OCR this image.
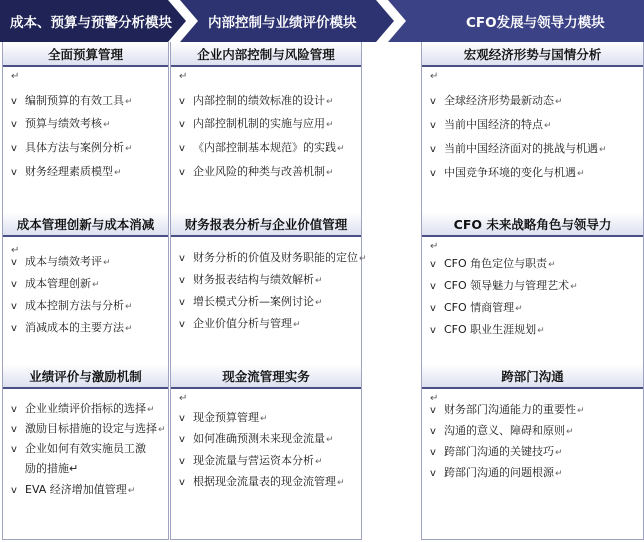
成本、预算与预警分析模块	内部控制与业绩评价模块	CFO发展与领导力模块
全面预算管理
↵
v 编制预算的有效工具↵
v 预算与绩效考核↵
v 具体方法与案例分析↵
v 财务经理素质模型↵
成本管理创新与成本消减
↵
v 成本与绩效考评↵
v 成本管理创新↵
v 成本控制方法与分析↵
v 消减成本的主要方法↵
业绩评价与激励机制
v 企业业绩评价指标的选择↵
v 激励目标措施的设定与选择↵
v 企业如何有效实施员工激
励的措施↵
v EVA 经济增加值管理↵
企业内部控制与风险管理
↵
v 内部控制的绩效标准的设计↵
v 内部控制机制的实施与应用↵
v 《内部控制基本规范》的实践↵
v 企业风险的种类与改善机制↵
财务报表分析与企业价值管理
v 财务分析的价值及财务职能的定位↵
v 财务报表结构与绩效解析↵
v 增长模式分析—案例讨论↵
v 企业价值分析与管理↵
现金流管理实务
↵
v 现金预算管理↵
v 如何准确预测未来现金流量↵
v 现金流量与营运资本分析↵
v 根据现金流量表的现金流管理↵
宏观经济形势与国情分析
↵
v 全球经济形势最新动态↵
v 当前中国经济的特点↵
v 当前中国经济面对的挑战与机遇↵
v 中国竞争环境的变化与机遇↵
CFO 未来战略角色与领导力
↵
v CFO 角色定位与职责↵
v CFO 领导魅力与管理艺术↵
v CFO 情商管理↵
v CFO 职业生涯规划↵
跨部门沟通
↵
v 财务部门沟通能力的重要性↵
v 沟通的意义、障碍和原则↵
v 跨部门沟通的关键技巧↵
v 跨部门沟通的问题根源↵
